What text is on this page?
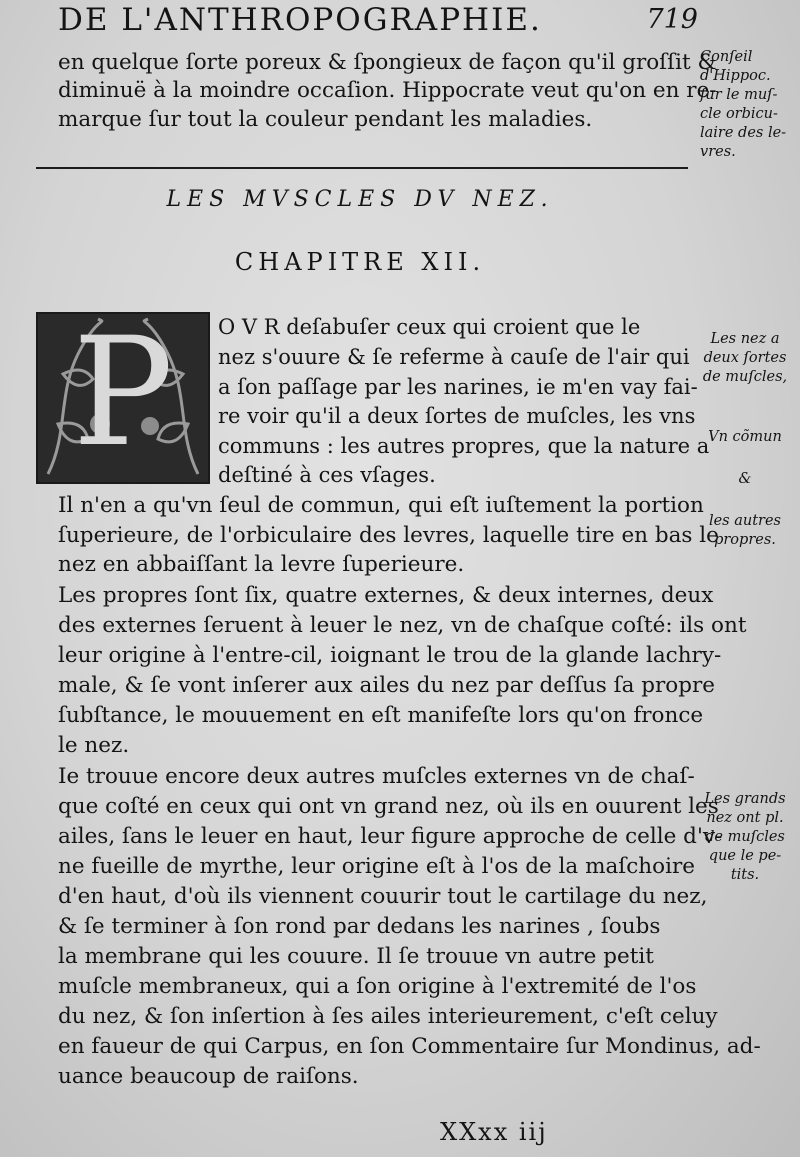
DE L'ANTHROPOGRAPHIE.	719
en quelque ſorte poreux & ſpongieux de façon qu'il groſſit &
diminuë à la moindre occaſion. Hippocrate veut qu'on en re-
marque ſur tout la couleur pendant les maladies.
Conſeil
d'Hippoc.
ſur le muſ-
cle orbicu-
laire des le-
vres.
LES MVSCLES DV NEZ.
CHAPITRE XII.
P	O V R deſabuſer ceux qui croient que le
nez s'ouure & ſe referme à cauſe de l'air qui
a ſon paſſage par les narines, ie m'en vay fai-
re voir qu'il a deux ſortes de muſcles, les vns
communs : les autres propres, que la nature a
deſtiné à ces vſages.
Les nez a
deux ſortes
de muſcles,
Vn cõmun
&
les autres
propres.
Il n'en a qu'vn ſeul de commun, qui eſt iuſtement la portion
ſuperieure, de l'orbiculaire des levres, laquelle tire en bas le
nez en abbaiſſant la levre ſuperieure.
Les propres ſont ſix, quatre externes, & deux internes, deux
des externes ſeruent à leuer le nez, vn de chaſque coſté: ils ont
leur origine à l'entre-cil, ioignant le trou de la glande lachry-
male, & ſe vont inſerer aux ailes du nez par deſſus ſa propre
ſubſtance, le mouuement en eſt manifeſte lors qu'on fronce
le nez.
Ie trouue encore deux autres muſcles externes vn de chaſ-
que coſté en ceux qui ont vn grand nez, où ils en ouurent les
ailes, ſans le leuer en haut, leur figure approche de celle d'v-
ne fueille de myrthe, leur origine eſt à l'os de la maſchoire
d'en haut, d'où ils viennent couurir tout le cartilage du nez,
& ſe terminer à ſon rond par dedans les narines , ſoubs
la membrane qui les couure. Il ſe trouue vn autre petit
muſcle membraneux, qui a ſon origine à l'extremité de l'os
du nez, & ſon inſertion à ſes ailes interieurement, c'eſt celuy
en faueur de qui Carpus, en ſon Commentaire ſur Mondinus, ad-
uance beaucoup de raiſons.
Les grands
nez ont pl.
de muſcles
que le pe-
tits.
XXxx iij
